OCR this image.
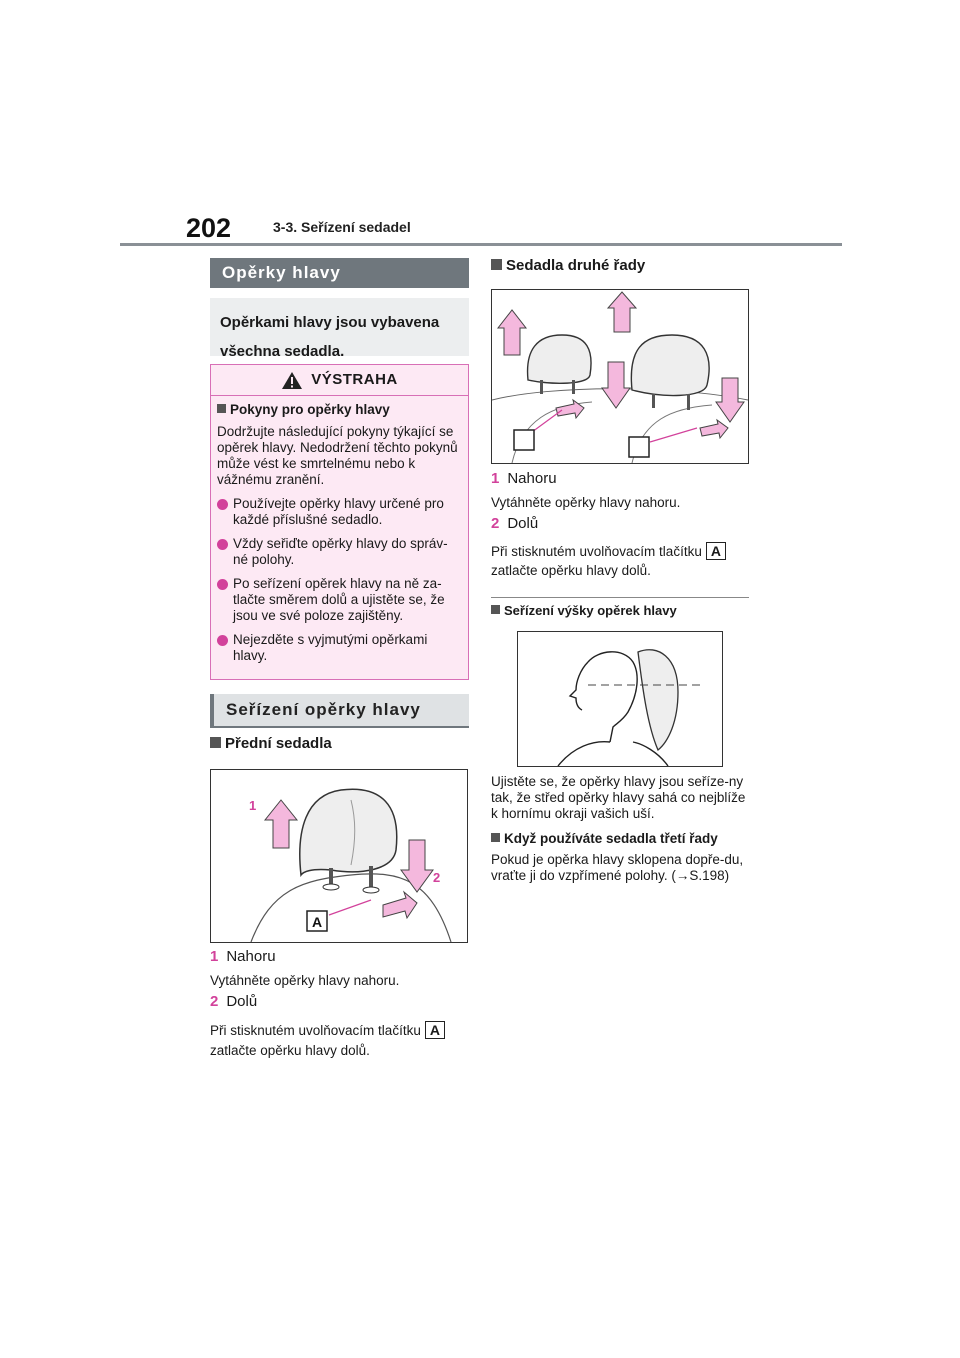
202	3-3. Seřízení sedadel
Opěrky hlavy
Opěrkami hlavy jsou vybavena všechna sedadla.
VÝSTRAHA
Pokyny pro opěrky hlavy
Dodržujte následující pokyny týkající se opěrek hlavy. Nedodržení těchto pokynů může vést ke smrtelnému nebo k vážnému zranění.
Používejte opěrky hlavy určené pro každé příslušné sedadlo.
Vždy seřiďte opěrky hlavy do správ-né polohy.
Po seřízení opěrek hlavy na ně za-tlačte směrem dolů a ujistěte se, že jsou ve své poloze zajištěny.
Nejezděte s vyjmutými opěrkami hlavy.
Seřízení opěrky hlavy
Přední sedadla
A
1
2
1 Nahoru
Vytáhněte opěrky hlavy nahoru.
2 Dolů
Při stisknutém uvolňovacím tlačítku A
zatlačte opěrku hlavy dolů.
Sedadla druhé řady
1 Nahoru
Vytáhněte opěrky hlavy nahoru.
2 Dolů
Při stisknutém uvolňovacím tlačítku A
zatlačte opěrku hlavy dolů.
Seřízení výšky opěrek hlavy
Ujistěte se, že opěrky hlavy jsou seříze-ny tak, že střed opěrky hlavy sahá co nejblíže k hornímu okraji vašich uší.
Když používáte sedadla třetí řady
Pokud je opěrka hlavy sklopena dopře-du, vraťte ji do vzpřímené polohy. (→S.198)
